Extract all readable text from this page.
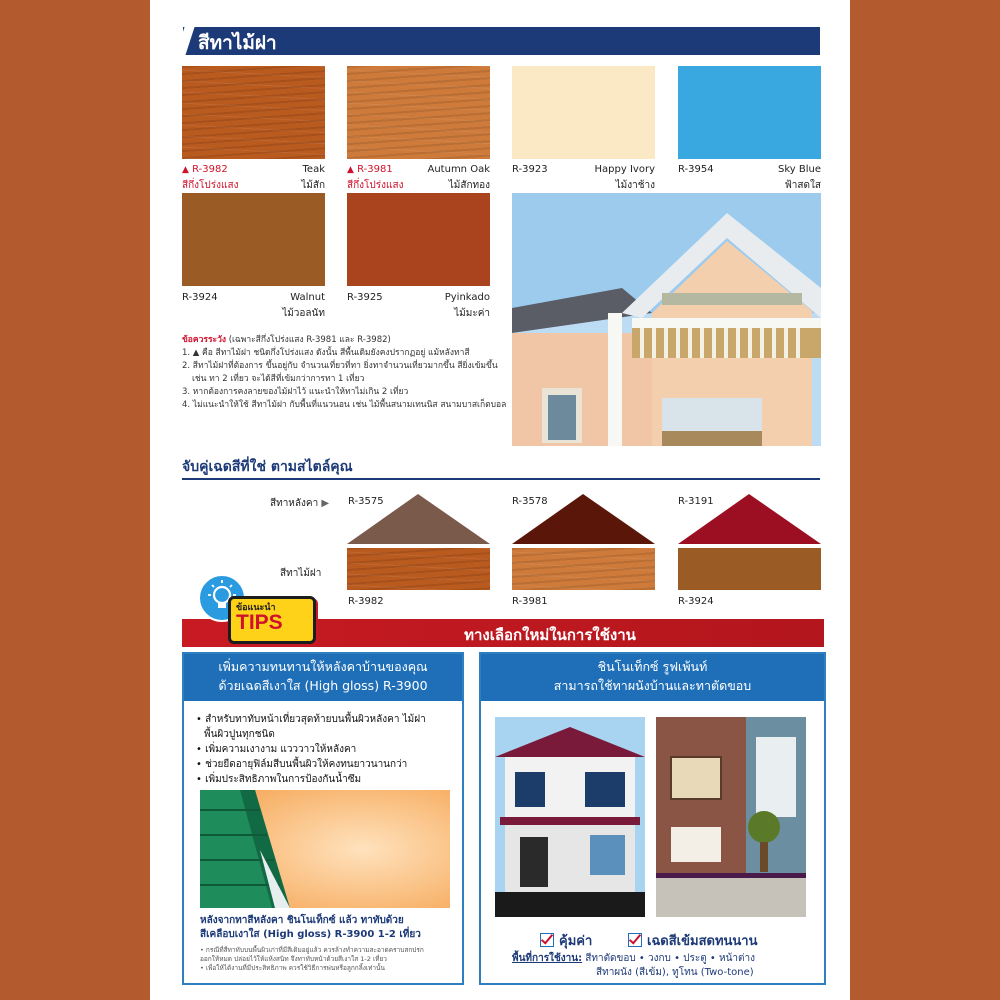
สีทาไม้ฝา
▲ R-3982	Teak
สีกึ่งโปร่งแสง	ไม้สัก
▲ R-3981	Autumn Oak
สีกึ่งโปร่งแสง	ไม้สักทอง
R-3923	Happy Ivory
ไม้งาช้าง
R-3954	Sky Blue
ฟ้าสดใส
R-3924	Walnut
ไม้วอลนัท
R-3925	Pyinkado
ไม้มะค่า
ข้อควรระวัง (เฉพาะสีกึ่งโปร่งแสง R-3981 และ R-3982)
1. ▲ คือ สีทาไม้ฝา ชนิดกึ่งโปร่งแสง ดังนั้น สีพื้นเดิมยังคงปรากฏอยู่ แม้หลังทาสี
2. สีทาไม้ฝาที่ต้องการ ขึ้นอยู่กับ จำนวนเที่ยวที่ทา ยิ่งทาจำนวนเที่ยวมากขึ้น สียิ่งเข้มขึ้น
เช่น ทา 2 เที่ยว จะได้สีที่เข้มกว่าการทา 1 เที่ยว
3. หากต้องการคงลายของไม้ฝาไว้ แนะนำให้ทาไม่เกิน 2 เที่ยว
4. ไม่แนะนำให้ใช้ สีทาไม้ฝา กับพื้นที่แนวนอน เช่น ไม้พื้นสนามเทนนิส สนามบาสเก็ตบอล
จับคู่เฉดสีที่ใช่ ตามสไตล์คุณ
สีทาหลังคา ▶
สีทาไม้ฝา
R-3575	R-3578	R-3191
R-3982	R-3981	R-3924
ทางเลือกใหม่ในการใช้งาน
ข้อแนะนำ
TIPS
เพิ่มความทนทานให้หลังคาบ้านของคุณ
ด้วยเฉดสีเงาใส (High gloss) R-3900
• สำหรับทาทับหน้าเที่ยวสุดท้ายบนพื้นผิวหลังคา ไม้ฝา
พื้นผิวปูนทุกชนิด
• เพิ่มความเงางาม แวววาวให้หลังคา
• ช่วยยืดอายุฟิล์มสีบนพื้นผิวให้คงทนยาวนานกว่า
• เพิ่มประสิทธิภาพในการป้องกันน้ำซึม
หลังจากทาสีหลังคา ชินโนเท็กซ์ แล้ว ทาทับด้วย
สีเคลือบเงาใส (High gloss) R-3900 1-2 เที่ยว
• กรณีที่สีทาทับบนพื้นผิวเก่าที่มีสีเดิมอยู่แล้ว ควรล้างทำความสะอาดคราบสกปรก
ออกให้หมด ปล่อยไว้ให้แห้งสนิท จึงทาทับหน้าด้วยสีเงาใส 1-2 เที่ยว
• เพื่อให้ได้งานที่มีประสิทธิภาพ ควรใช้วิธีการพ่นหรือลูกกลิ้งเท่านั้น
ชินโนเท็กซ์ รูฟเพ้นท์
สามารถใช้ทาผนังบ้านและทาตัดขอบ
คุ้มค่า	เฉดสีเข้มสดทนนาน
พื้นที่การใช้งาน: สีทาตัดขอบ • วงกบ • ประตู • หน้าต่าง
สีทาผนัง (สีเข้ม), ทูโทน (Two-tone)
